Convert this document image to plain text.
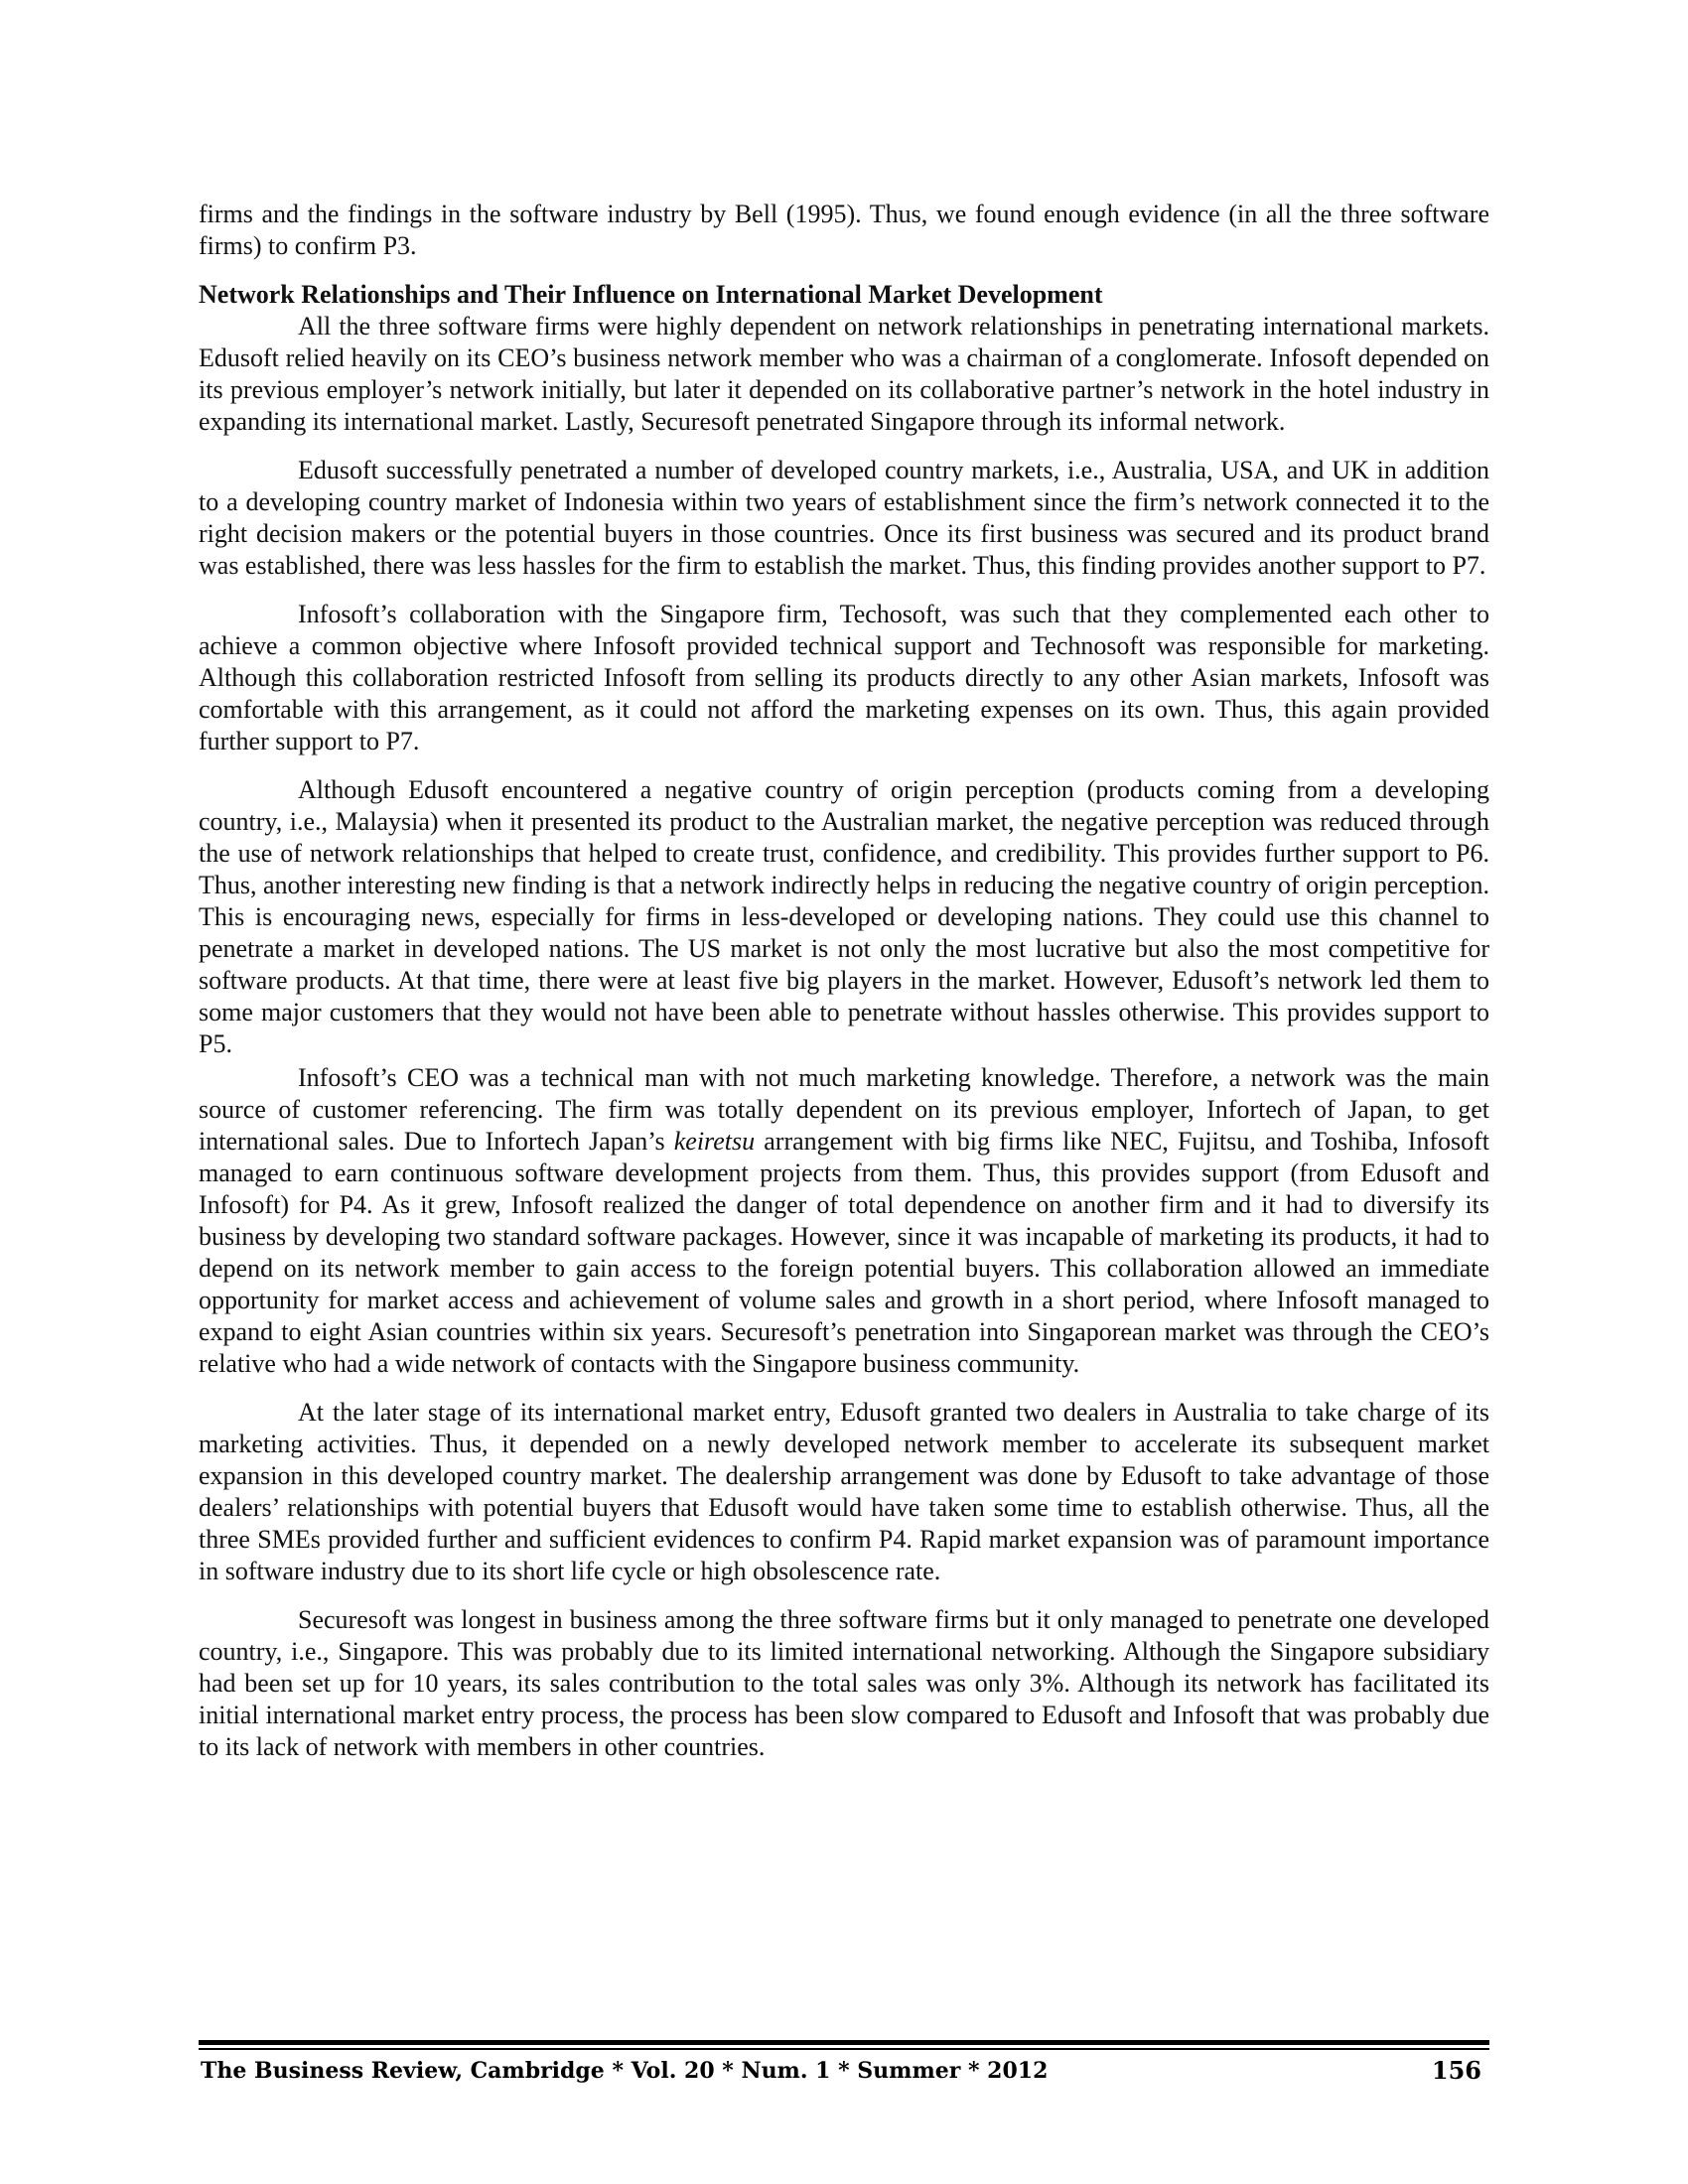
firms and the findings in the software industry by Bell (1995). Thus, we found enough evidence (in all the three software firms) to confirm P3.

Network Relationships and Their Influence on International Market Development

All the three software firms were highly dependent on network relationships in penetrating international markets. Edusoft relied heavily on its CEO’s business network member who was a chairman of a conglomerate. Infosoft depended on its previous employer’s network initially, but later it depended on its collaborative partner’s network in the hotel industry in expanding its international market. Lastly, Securesoft penetrated Singapore through its informal network.

Edusoft successfully penetrated a number of developed country markets, i.e., Australia, USA, and UK in addition to a developing country market of Indonesia within two years of establishment since the firm’s network connected it to the right decision makers or the potential buyers in those countries. Once its first business was secured and its product brand was established, there was less hassles for the firm to establish the market. Thus, this finding provides another support to P7.

Infosoft’s collaboration with the Singapore firm, Techosoft, was such that they complemented each other to achieve a common objective where Infosoft provided technical support and Technosoft was responsible for marketing. Although this collaboration restricted Infosoft from selling its products directly to any other Asian markets, Infosoft was comfortable with this arrangement, as it could not afford the marketing expenses on its own. Thus, this again provided further support to P7.

Although Edusoft encountered a negative country of origin perception (products coming from a developing country, i.e., Malaysia) when it presented its product to the Australian market, the negative perception was reduced through the use of network relationships that helped to create trust, confidence, and credibility. This provides further support to P6. Thus, another interesting new finding is that a network indirectly helps in reducing the negative country of origin perception. This is encouraging news, especially for firms in less-developed or developing nations. They could use this channel to penetrate a market in developed nations. The US market is not only the most lucrative but also the most competitive for software products. At that time, there were at least five big players in the market. However, Edusoft’s network led them to some major customers that they would not have been able to penetrate without hassles otherwise. This provides support to P5.

Infosoft’s CEO was a technical man with not much marketing knowledge. Therefore, a network was the main source of customer referencing. The firm was totally dependent on its previous employer, Infortech of Japan, to get international sales. Due to Infortech Japan’s keiretsu arrangement with big firms like NEC, Fujitsu, and Toshiba, Infosoft managed to earn continuous software development projects from them. Thus, this provides support (from Edusoft and Infosoft) for P4. As it grew, Infosoft realized the danger of total dependence on another firm and it had to diversify its business by developing two standard software packages. However, since it was incapable of marketing its products, it had to depend on its network member to gain access to the foreign potential buyers. This collaboration allowed an immediate opportunity for market access and achievement of volume sales and growth in a short period, where Infosoft managed to expand to eight Asian countries within six years. Securesoft’s penetration into Singaporean market was through the CEO’s relative who had a wide network of contacts with the Singapore business community.

At the later stage of its international market entry, Edusoft granted two dealers in Australia to take charge of its marketing activities. Thus, it depended on a newly developed network member to accelerate its subsequent market expansion in this developed country market. The dealership arrangement was done by Edusoft to take advantage of those dealers’ relationships with potential buyers that Edusoft would have taken some time to establish otherwise. Thus, all the three SMEs provided further and sufficient evidences to confirm P4. Rapid market expansion was of paramount importance in software industry due to its short life cycle or high obsolescence rate.

Securesoft was longest in business among the three software firms but it only managed to penetrate one developed country, i.e., Singapore. This was probably due to its limited international networking. Although the Singapore subsidiary had been set up for 10 years, its sales contribution to the total sales was only 3%. Although its network has facilitated its initial international market entry process, the process has been slow compared to Edusoft and Infosoft that was probably due to its lack of network with members in other countries.

The Business Review, Cambridge * Vol. 20 * Num. 1 * Summer * 2012	156
